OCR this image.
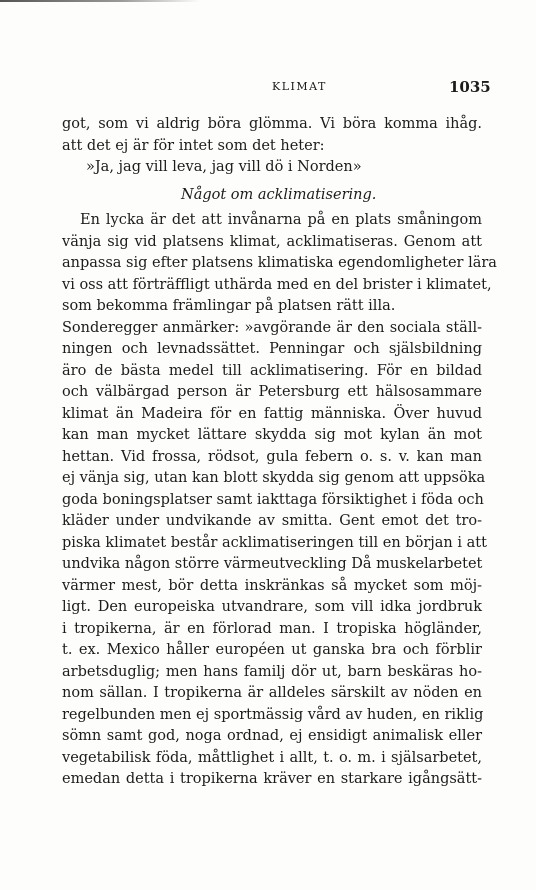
KLIMAT	1035
got, som vi aldrig böra glömma. Vi böra komma ihåg.
att det ej är för intet som det heter:
»Ja, jag vill leva, jag vill dö i Norden»
Något om acklimatisering.
En lycka är det att invånarna på en plats småningom
vänja sig vid platsens klimat, acklimatiseras. Genom att
anpassa sig efter platsens klimatiska egendomligheter lära
vi oss att förträffligt uthärda med en del brister i klimatet,
som bekomma främlingar på platsen rätt illa.
Sonderegger anmärker: »avgörande är den sociala ställ-
ningen och levnadssättet. Penningar och själsbildning
äro de bästa medel till acklimatisering. För en bildad
och välbärgad person är Petersburg ett hälsosammare
klimat än Madeira för en fattig människa. Över huvud
kan man mycket lättare skydda sig mot kylan än mot
hettan. Vid frossa, rödsot, gula febern o. s. v. kan man
ej vänja sig, utan kan blott skydda sig genom att uppsöka
goda boningsplatser samt iakttaga försiktighet i föda och
kläder under undvikande av smitta. Gent emot det tro-
piska klimatet består acklimatiseringen till en början i att
undvika någon större värmeutveckling Då muskelarbetet
värmer mest, bör detta inskränkas så mycket som möj-
ligt. Den europeiska utvandrare, som vill idka jordbruk
i tropikerna, är en förlorad man. I tropiska högländer,
t. ex. Mexico håller européen ut ganska bra och förblir
arbetsduglig; men hans familj dör ut, barn beskäras ho-
nom sällan. I tropikerna är alldeles särskilt av nöden en
regelbunden men ej sportmässig vård av huden, en riklig
sömn samt god, noga ordnad, ej ensidigt animalisk eller
vegetabilisk föda, måttlighet i allt, t. o. m. i själsarbetet,
emedan detta i tropikerna kräver en starkare igångsätt-
